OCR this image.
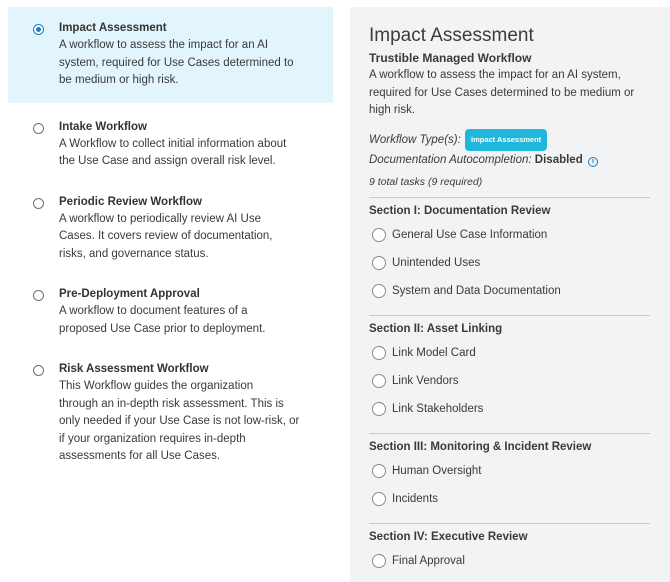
Impact Assessment
A workflow to assess the impact for an AI
system, required for Use Cases determined to
be medium or high risk.
Intake Workflow
A Workflow to collect initial information about
the Use Case and assign overall risk level.
Periodic Review Workflow
A workflow to periodically review AI Use
Cases. It covers review of documentation,
risks, and governance status.
Pre-Deployment Approval
A workflow to document features of a
proposed Use Case prior to deployment.
Risk Assessment Workflow
This Workflow guides the organization
through an in-depth risk assessment. This is
only needed if your Use Case is not low-risk, or
if your organization requires in-depth
assessments for all Use Cases.
Impact Assessment
Trustible Managed Workflow
A workflow to assess the impact for an AI system,
required for Use Cases determined to be medium or
high risk.
Workflow Type(s): Impact Assessment
Documentation Autocompletion: Disabled i
9 total tasks (9 required)
Section I: Documentation Review
General Use Case Information
Unintended Uses
System and Data Documentation
Section II: Asset Linking
Link Model Card
Link Vendors
Link Stakeholders
Section III: Monitoring & Incident Review
Human Oversight
Incidents
Section IV: Executive Review
Final Approval
